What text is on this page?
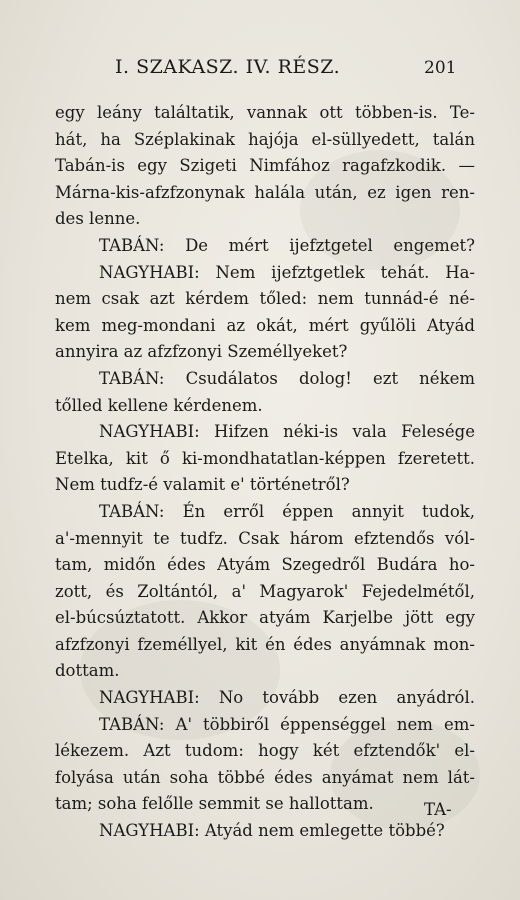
I. SZAKASZ. IV. RÉSZ.	201
egy leány találtatik, vannak ott többen-is. Te-
hát, ha Széplakinak hajója el-süllyedett, talán
Tabán-is egy Szigeti Nimfához ragafzkodik. —
Márna-kis-afzfzonynak halála után, ez igen ren-
des lenne.
TABÁN: De mért ijefztgetel engemet?
NAGYHABI: Nem ijefztgetlek tehát. Ha-
nem csak azt kérdem tőled: nem tunnád-é né-
kem meg-mondani az okát, mért gyűlöli Atyád
annyira az afzfzonyi Személlyeket?
TABÁN: Csudálatos dolog! ezt nékem
tőlled kellene kérdenem.
NAGYHABI: Hifzen néki-is vala Felesége
Etelka, kit ő ki-mondhatatlan-képpen fzeretett.
Nem tudfz-é valamit e' történetről?
TABÁN: Én erről éppen annyit tudok,
a'-mennyit te tudfz. Csak három efztendős vól-
tam, midőn édes Atyám Szegedről Budára ho-
zott, és Zoltántól, a' Magyarok' Fejedelmétől,
el-búcsúztatott. Akkor atyám Karjelbe jött egy
afzfzonyi fzeméllyel, kit én édes anyámnak mon-
dottam.
NAGYHABI: No tovább ezen anyádról.
TABÁN: A' többiről éppenséggel nem em-
lékezem. Azt tudom: hogy két efztendők' el-
folyása után soha többé édes anyámat nem lát-
tam; soha felőlle semmit se hallottam.
NAGYHABI: Atyád nem emlegette többé?
TA-
